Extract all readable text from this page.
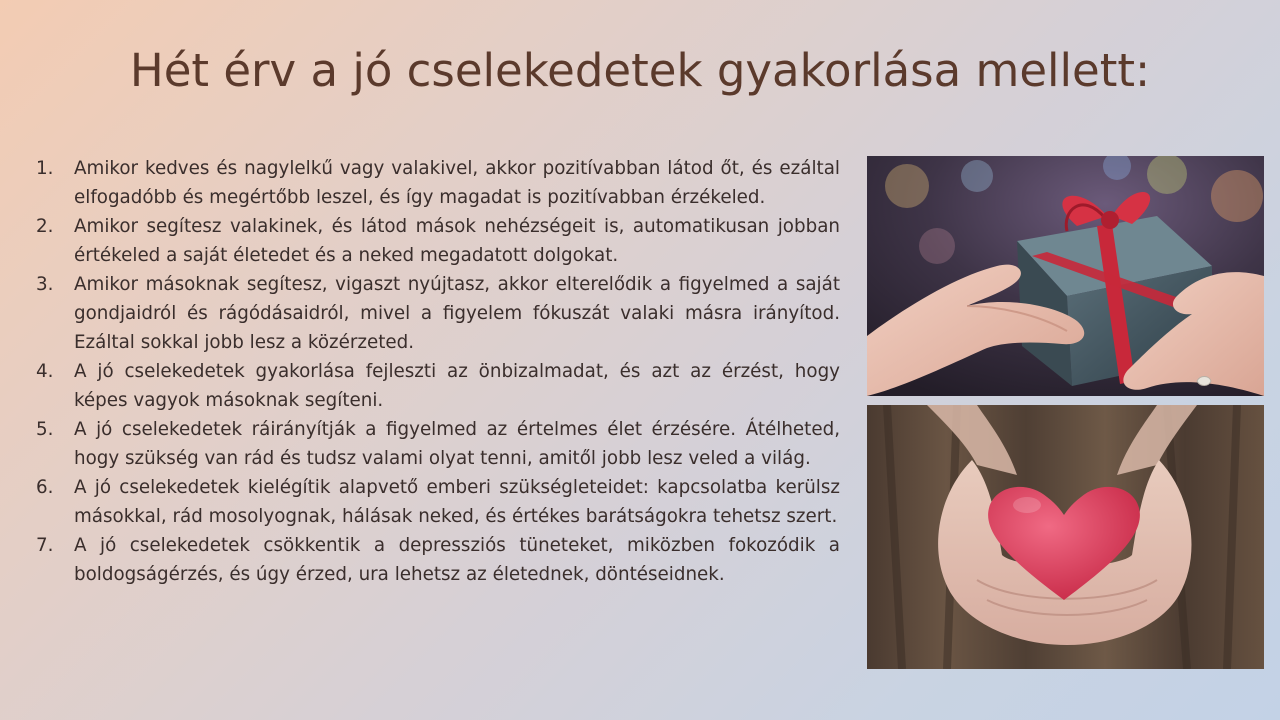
Hét érv a jó cselekedetek gyakorlása mellett:
1.	Amikor kedves és nagylelkű vagy valakivel, akkor pozitívabban látod őt, és ezáltal elfogadóbb és megértőbb leszel, és így magadat is pozitívabban érzékeled.
2.	Amikor segítesz valakinek, és látod mások nehézségeit is, automatikusan jobban értékeled a saját életedet és a neked megadatott dolgokat.
3.	Amikor másoknak segítesz, vigaszt nyújtasz, akkor elterelődik a figyelmed a saját gondjaidról és rágódásaidról, mivel a figyelem fókuszát valaki másra irányítod. Ezáltal sokkal jobb lesz a közérzeted.
4.	A jó cselekedetek gyakorlása fejleszti az önbizalmadat, és azt az érzést, hogy képes vagyok másoknak segíteni.
5.	A jó cselekedetek ráirányítják a figyelmed az értelmes élet érzésére. Átélheted, hogy szükség van rád és tudsz valami olyat tenni, amitől jobb lesz veled a világ.
6.	A jó cselekedetek kielégítik alapvető emberi szükségleteidet: kapcsolatba kerülsz másokkal, rád mosolyognak, hálásak neked, és értékes barátságokra tehetsz szert.
7.	A jó cselekedetek csökkentik a depressziós tüneteket, miközben fokozódik a boldogságérzés, és úgy érzed, ura lehetsz az életednek, döntéseidnek.
